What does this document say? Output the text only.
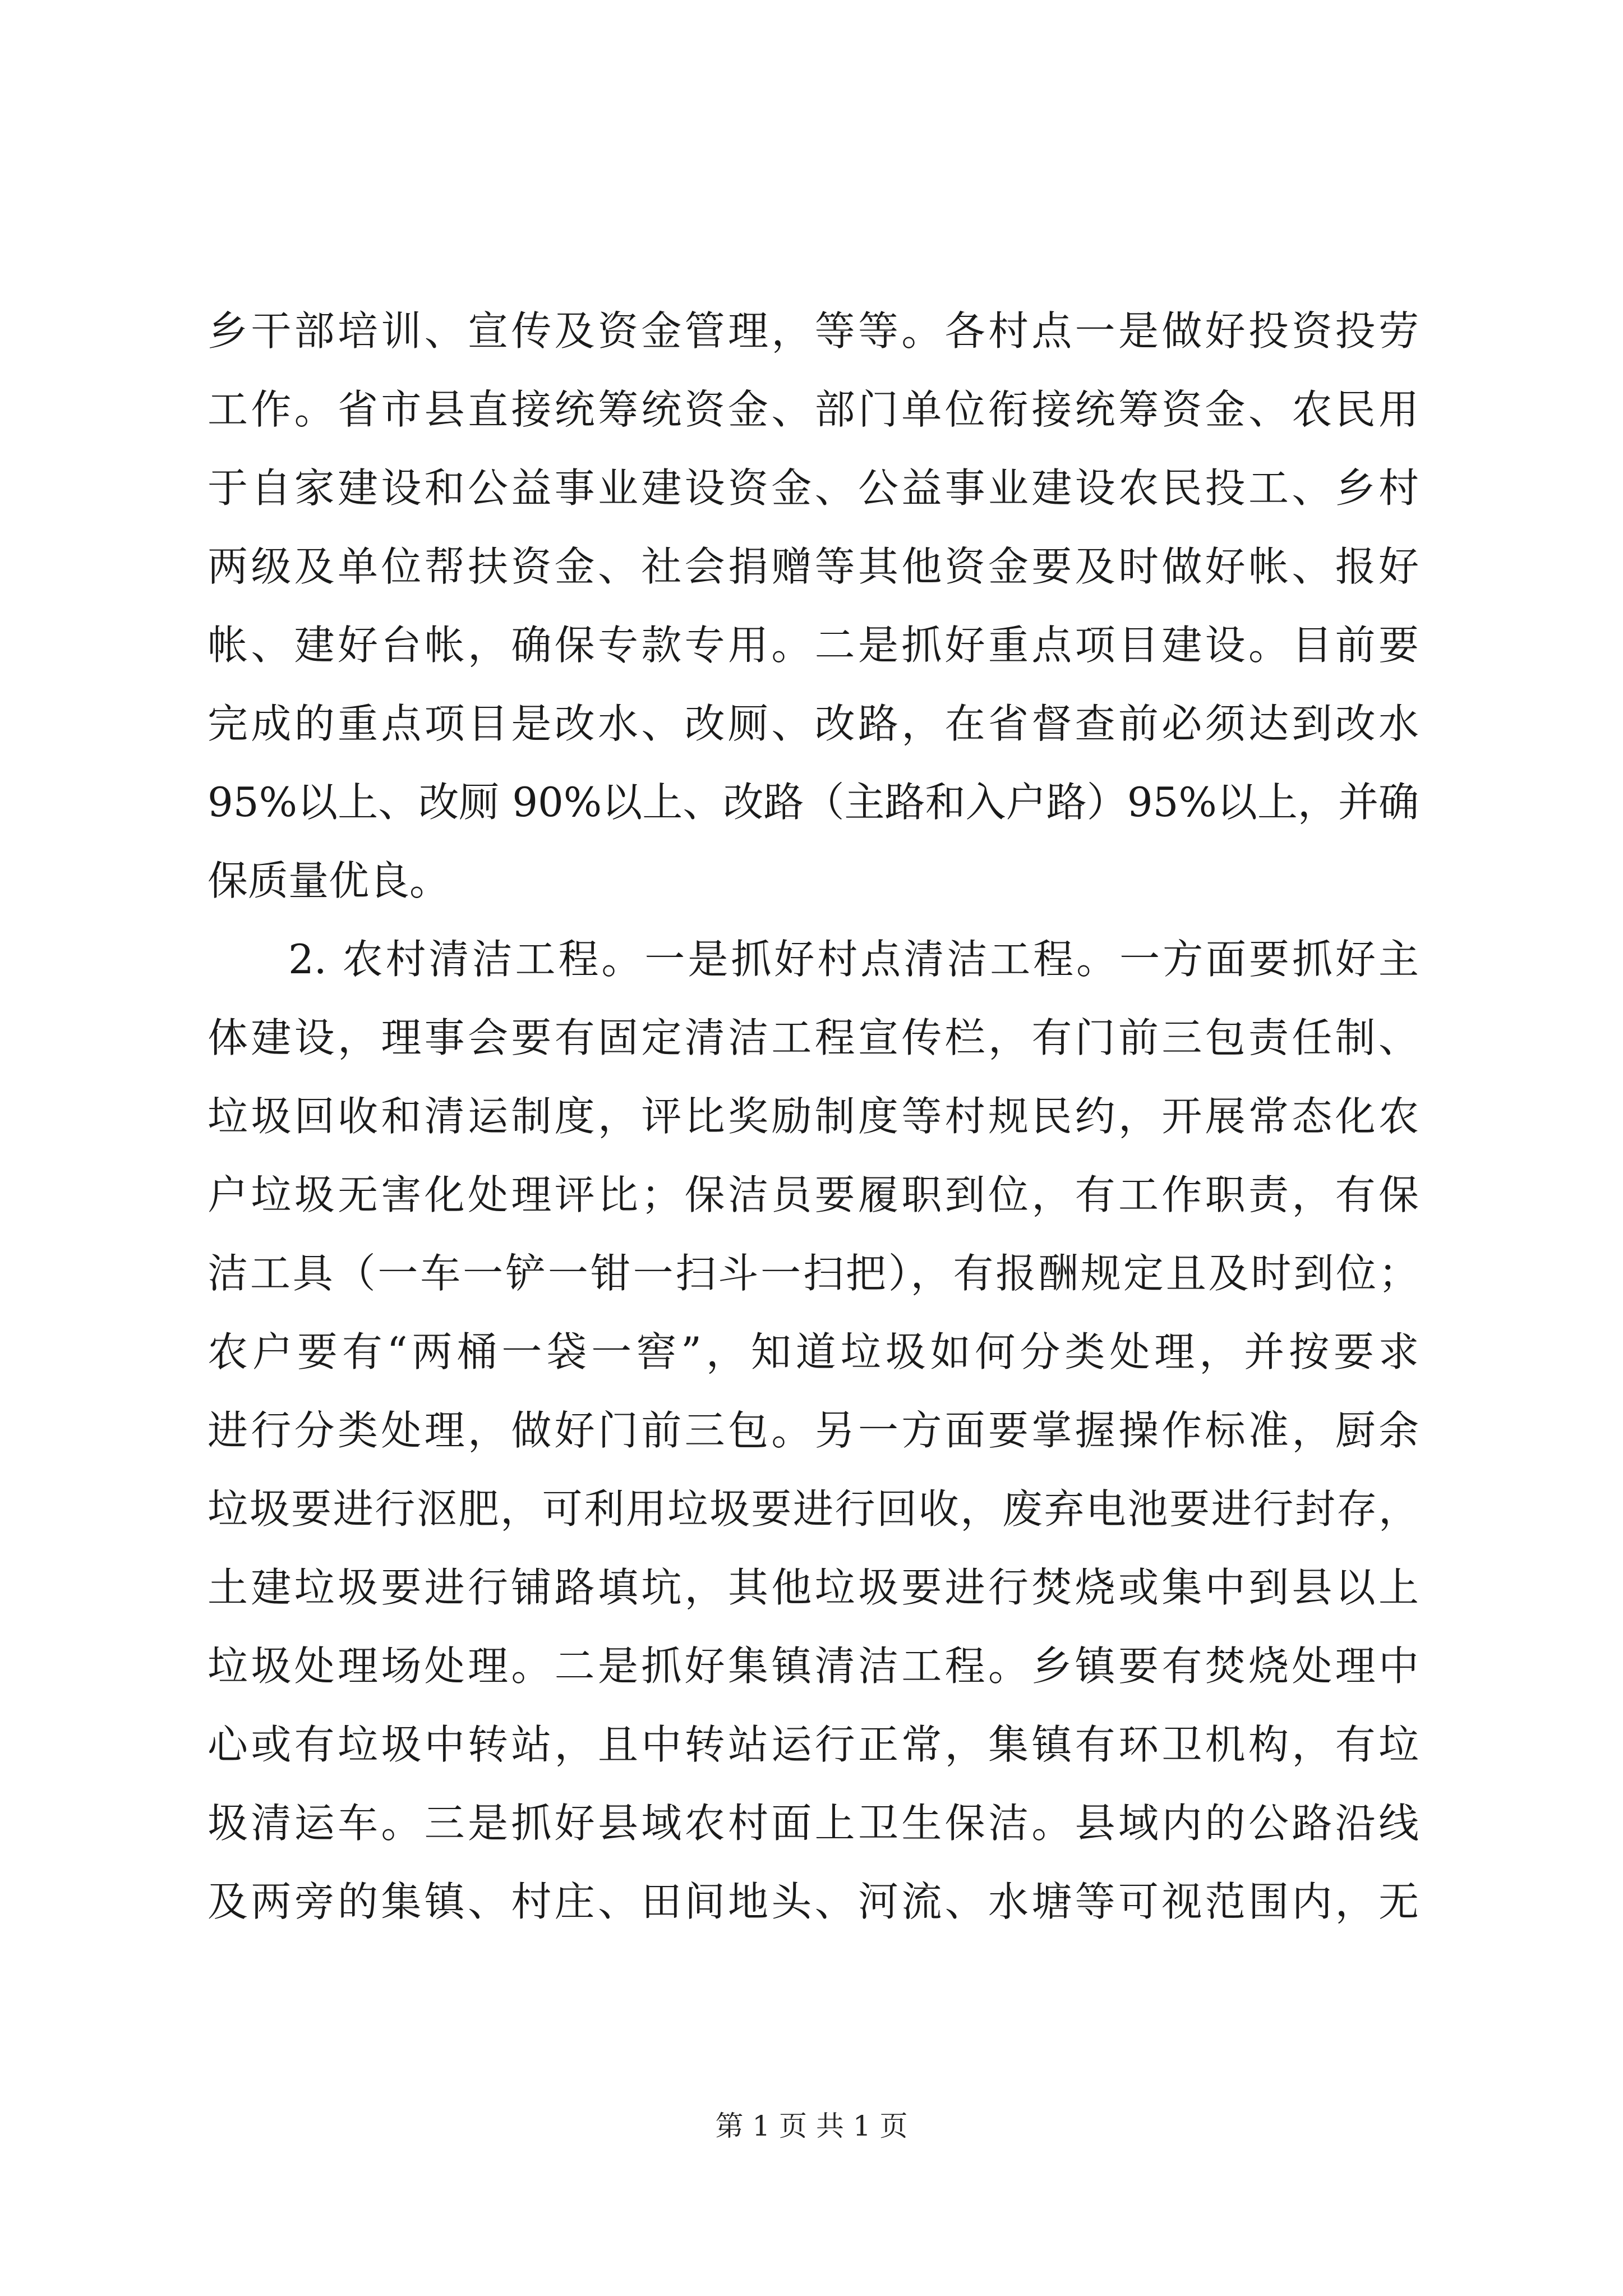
乡干部培训、宣传及资金管理，等等。各村点一是做好投资投劳
工作。省市县直接统筹统资金、部门单位衔接统筹资金、农民用
于自家建设和公益事业建设资金、公益事业建设农民投工、乡村
两级及单位帮扶资金、社会捐赠等其他资金要及时做好帐、报好
帐、建好台帐，确保专款专用。二是抓好重点项目建设。目前要
完成的重点项目是改水、改厕、改路，在省督查前必须达到改水
95%以上、改厕 90%以上、改路（主路和入户路）95%以上，并确
保质量优良。
2. 农村清洁工程。一是抓好村点清洁工程。一方面要抓好主
体建设，理事会要有固定清洁工程宣传栏，有门前三包责任制、
垃圾回收和清运制度，评比奖励制度等村规民约，开展常态化农
户垃圾无害化处理评比；保洁员要履职到位，有工作职责，有保
洁工具（一车一铲一钳一扫斗一扫把），有报酬规定且及时到位；
农户要有“两桶一袋一窖”，知道垃圾如何分类处理，并按要求
进行分类处理，做好门前三包。另一方面要掌握操作标准，厨余
垃圾要进行沤肥，可利用垃圾要进行回收，废弃电池要进行封存，
土建垃圾要进行铺路填坑，其他垃圾要进行焚烧或集中到县以上
垃圾处理场处理。二是抓好集镇清洁工程。乡镇要有焚烧处理中
心或有垃圾中转站，且中转站运行正常，集镇有环卫机构，有垃
圾清运车。三是抓好县域农村面上卫生保洁。县域内的公路沿线
及两旁的集镇、村庄、田间地头、河流、水塘等可视范围内，无
第 1 页 共 1 页
